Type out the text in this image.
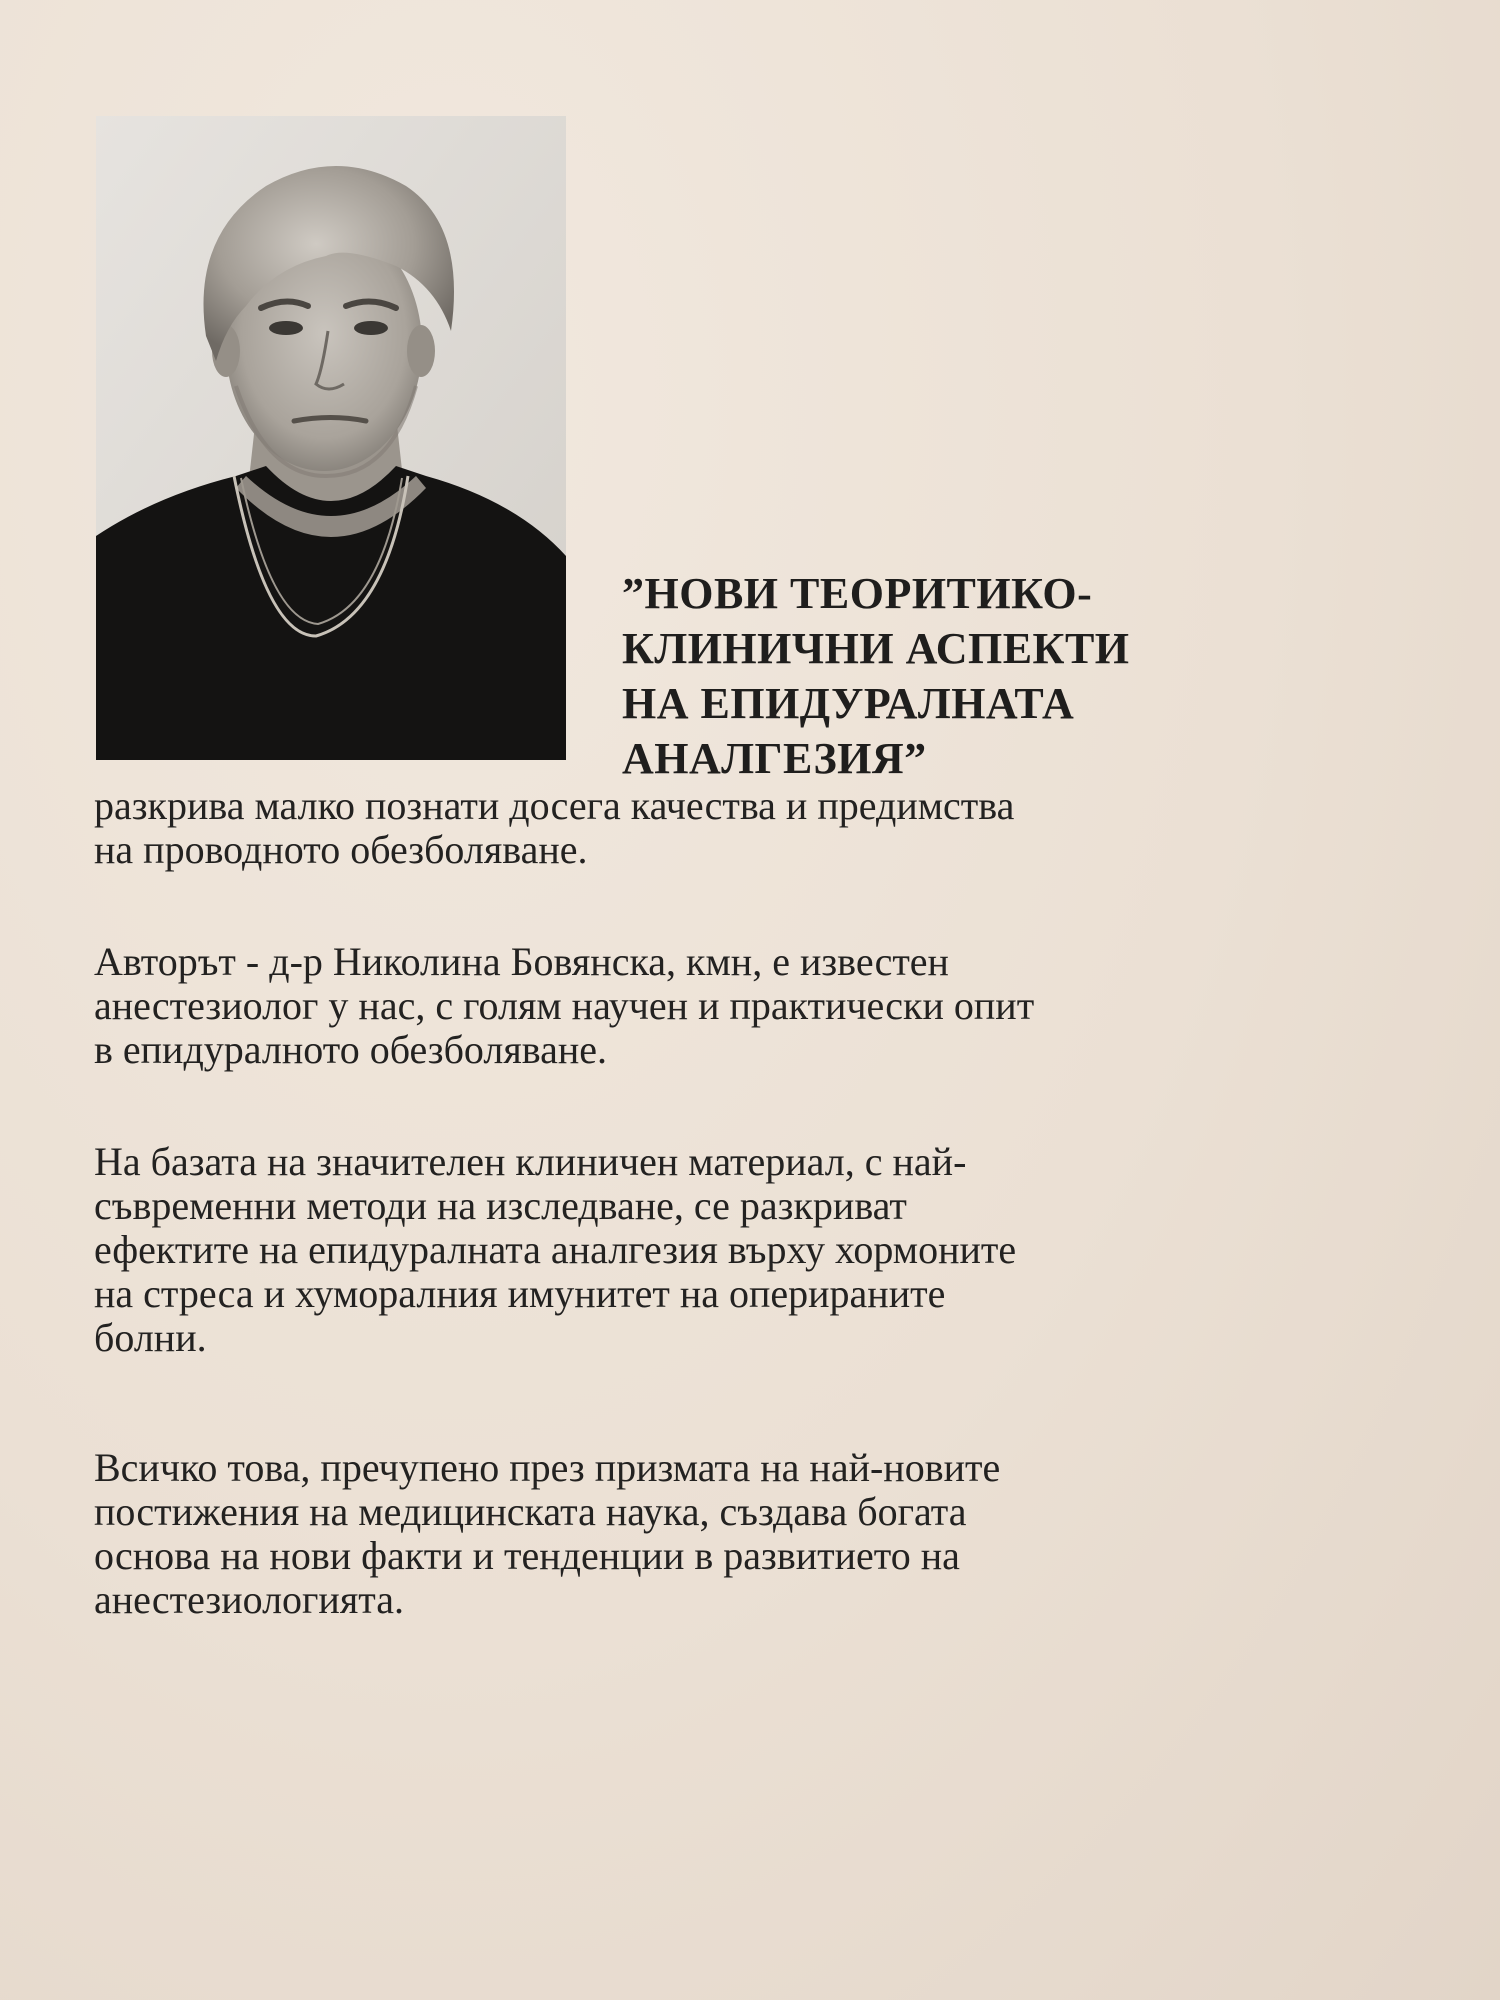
”НОВИ ТЕОРИТИКО-
КЛИНИЧНИ АСПЕКТИ
НА ЕПИДУРАЛНАТА
АНАЛГЕЗИЯ”

разкрива малко познати досега качества и предимства
на проводното обезболяване.

Авторът - д-р Николина Бовянска, кмн, е известен
анестезиолог у нас, с голям научен и практически опит
в епидуралното обезболяване.

На базата на значителен клиничен материал, с най-
съвременни методи на изследване, се разкриват
ефектите на епидуралната аналгезия върху хормоните
на стреса и хуморалния имунитет на оперираните
болни.

Всичко това, пречупено през призмата на най-новите
постижения на медицинската наука, създава богата
основа на нови факти и тенденции в развитието на
анестезиологията.
